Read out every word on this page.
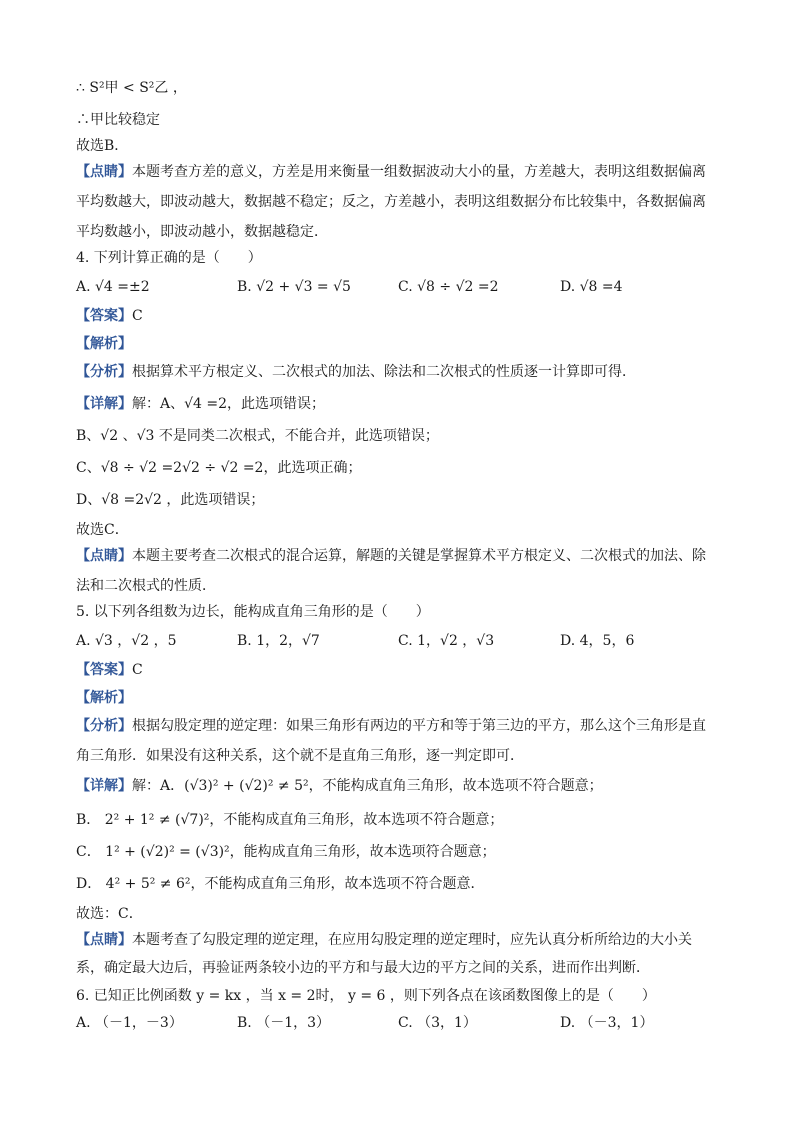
∴ S²甲 < S²乙 ，
∴甲比较稳定
故选B．
【点睛】本题考查方差的意义，方差是用来衡量一组数据波动大小的量，方差越大，表明这组数据偏离
平均数越大，即波动越大，数据越不稳定；反之，方差越小，表明这组数据分布比较集中，各数据偏离
平均数越小，即波动越小，数据越稳定．
4. 下列计算正确的是（　　）
A. √4 =±2	B. √2 + √3 = √5	C. √8 ÷ √2 =2	D. √8 =4
【答案】C
【解析】
【分析】根据算术平方根定义、二次根式的加法、除法和二次根式的性质逐一计算即可得．
【详解】解：A、√4 =2，此选项错误；
B、√2 、√3 不是同类二次根式，不能合并，此选项错误；
C、√8 ÷ √2 =2√2 ÷ √2 =2，此选项正确；
D、√8 =2√2 ，此选项错误；
故选C．
【点睛】本题主要考查二次根式的混合运算，解题的关键是掌握算术平方根定义、二次根式的加法、除
法和二次根式的性质．
5. 以下列各组数为边长，能构成直角三角形的是（　　）
A. √3 ，√2 ，5	B. 1，2，√7	C. 1，√2 ，√3	D. 4，5，6
【答案】C
【解析】
【分析】根据勾股定理的逆定理：如果三角形有两边的平方和等于第三边的平方，那么这个三角形是直
角三角形．如果没有这种关系，这个就不是直角三角形，逐一判定即可．
【详解】解：A．(√3)² + (√2)² ≠ 5²，不能构成直角三角形，故本选项不符合题意；
B． 2² + 1² ≠ (√7)²，不能构成直角三角形，故本选项不符合题意；
C． 1² + (√2)² = (√3)²，能构成直角三角形，故本选项符合题意；
D． 4² + 5² ≠ 6²，不能构成直角三角形，故本选项不符合题意．
故选：C．
【点睛】本题考查了勾股定理的逆定理，在应用勾股定理的逆定理时，应先认真分析所给边的大小关
系，确定最大边后，再验证两条较小边的平方和与最大边的平方之间的关系，进而作出判断．
6. 已知正比例函数 y = kx ，当 x = 2时， y = 6 ，则下列各点在该函数图像上的是（　　）
A. （－1，－3）	B. （－1，3）	C. （3，1）	D. （－3，1）
